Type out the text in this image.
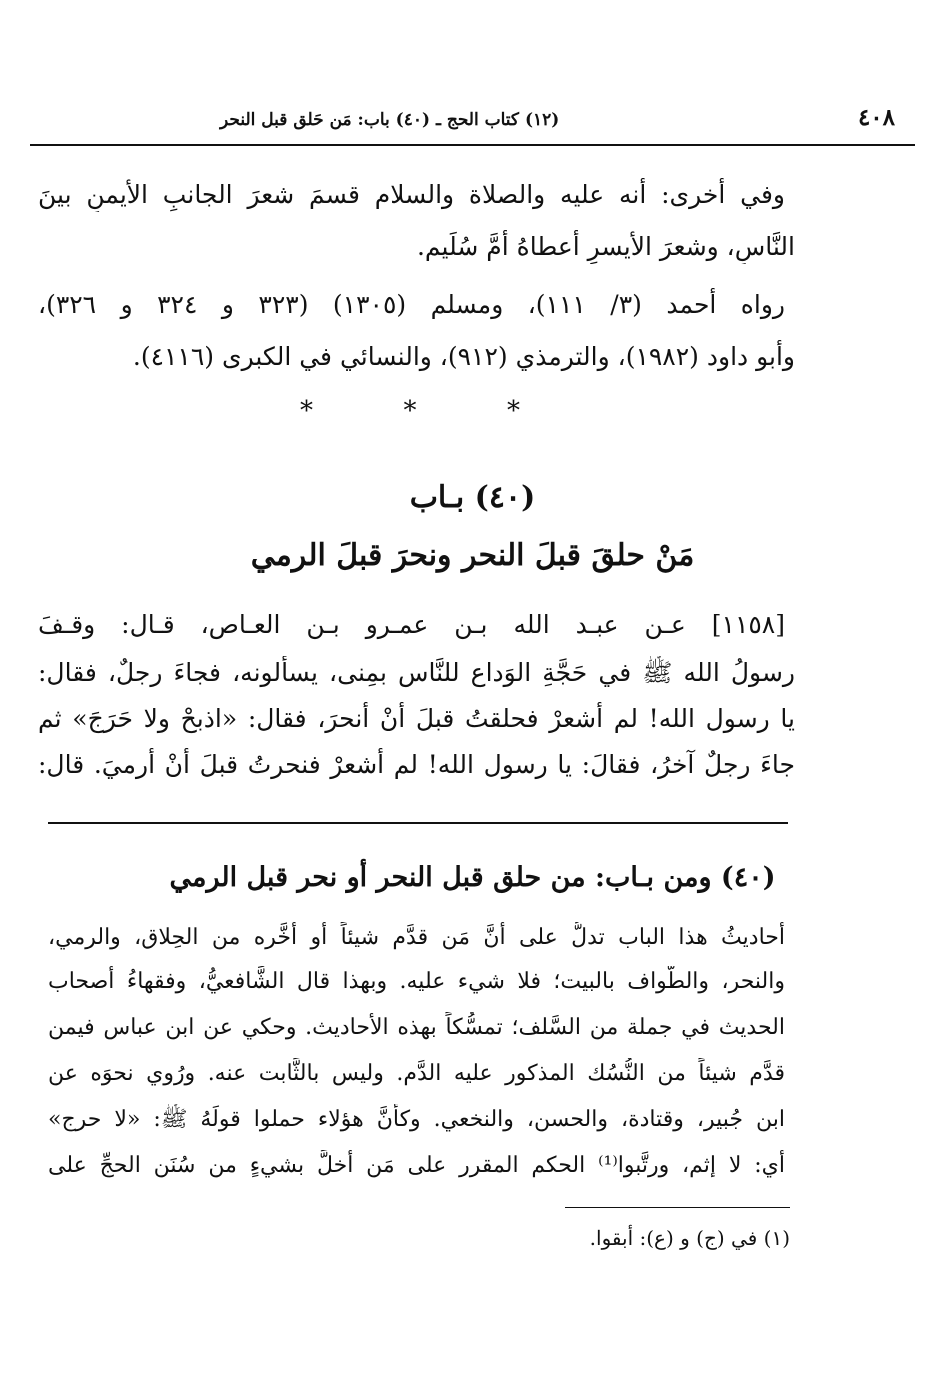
٤٠٨
(١٢) كتاب الحج ـ (٤٠) باب: مَن حَلق قبل النحر
وفي أخرى: أنه عليه والصلاة والسلام قسمَ شعرَ الجانبِ الأيمنِ بينَ
النَّاسِ، وشعرَ الأيسرِ أعطاهُ أُمَّ سُلَيم.
رواه أحمد (٣/ ١١١)، ومسلم (١٣٠٥) (٣٢٣ و ٣٢٤ و ٣٢٦)،
وأبو داود (١٩٨٢)، والترمذي (٩١٢)، والنسائي في الكبرى (٤١١٦).
*
*
*
(٤٠) بـاب
مَنْ حلقَ قبلَ النحر ونحرَ قبلَ الرمي
[١١٥٨] عـن عبـد الله بـن عمـرو بـن العـاص، قـال: وقـفَ
رسولُ الله ﷺ في حَجَّةِ الوَداع للنَّاس بمِنى، يسألونه، فجاءَ رجلٌ، فقال:
يا رسول الله! لم أشعرْ فحلقتُ قبلَ أنْ أنحرَ، فقال: «اذبحْ ولا حَرَجَ» ثم
جاءَ رجلٌ آخرُ، فقالَ: يا رسول الله! لم أشعرْ فنحرتُ قبلَ أنْ أرميَ. قال:
(٤٠) ومن بـاب: من حلق قبل النحر أو نحر قبل الرمي
أحاديثُ هذا الباب تدلُّ على أنَّ مَن قدَّم شيئاً أو أخَّره من الحِلاق، والرمي،
والنحر، والطَّواف بالبيت؛ فلا شيء عليه. وبهذا قال الشَّافعيُّ، وفقهاءُ أصحاب
الحديث في جملة من السَّلف؛ تمسُّكاً بهذه الأحاديث. وحكي عن ابن عباس فيمن
قدَّم شيئاً من النُّسُك المذكور عليه الدَّم. وليس بالثَّابت عنه. ورُوي نحوَه عن
ابن جُبير، وقتادة، والحسن، والنخعي. وكأنَّ هؤلاء حملوا قولَهُ ﷺ: «لا حرج»
أي: لا إثم، ورتَّبوا⁽¹⁾ الحكم المقرر على مَن أخلَّ بشيءٍ من سُنَن الحجِّ على
(١) في (ج) و (ع): أبقوا.
